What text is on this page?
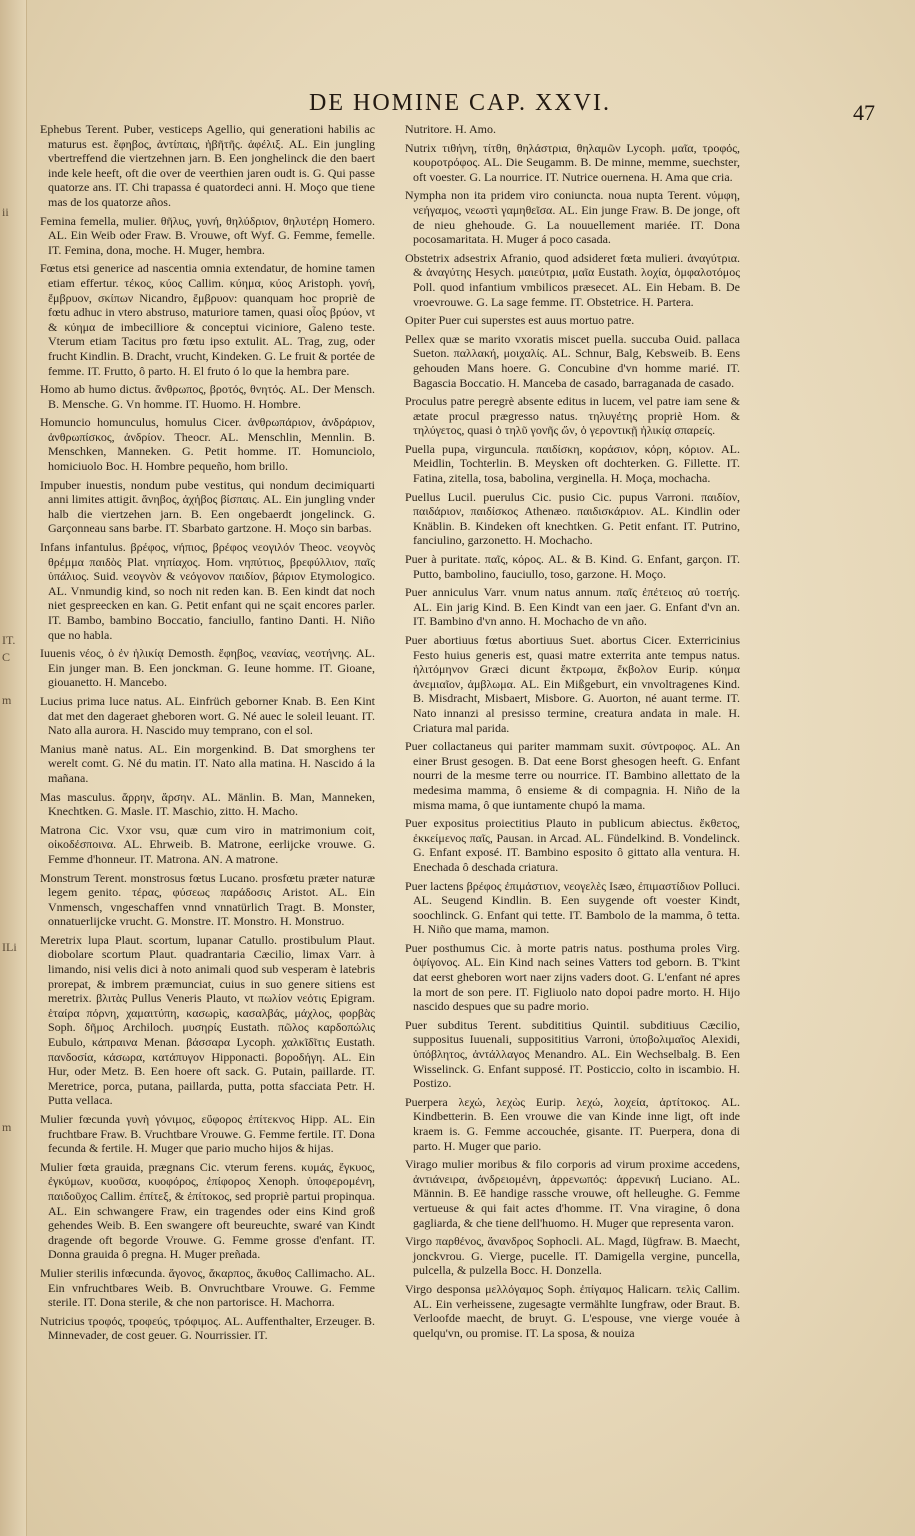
ii
IT.
C
m
ILi
m
DE HOMINE CAP. XXVI.	47

Ephebus Terent. Puber, vesticeps Agellio, qui generationi habilis ac maturus est. ἔφηβος, ἀντίπαις, ἡβῆτῆς. ἀφέλιξ. AL. Ein jungling vbertreffend die viertzehnen jarn. B. Een jonghelinck die den baert inde kele heeft, oft die over de veerthien jaren oudt is. G. Qui passe quatorze ans. IT. Chi trapassa é quatordeci anni. H. Moço que tiene mas de los quatorze años.

Femina femella, mulier. θῆλυς, γυνή, θηλύδριον, θηλυτέρη Homero. AL. Ein Weib oder Fraw. B. Vrouwe, oft Wyf. G. Femme, femelle. IT. Femina, dona, moche. H. Muger, hembra.

Fœtus etsi generice ad nascentia omnia extendatur, de homine tamen etiam effertur. τέκος, κύος Callim. κύημα, κύος Aristoph. γονή, ἔμβρυον, σκίπων Nicandro, ἔμβρυον: quanquam hoc propriè de fœtu adhuc in vtero abstruso, maturiore tamen, quasi οἷος βρύον, vt & κύημα de imbecilliore & conceptui viciniore, Galeno teste. Vterum etiam Tacitus pro fœtu ipso extulit. AL. Trag, zug, oder frucht Kindlin. B. Dracht, vrucht, Kindeken. G. Le fruit & portée de femme. IT. Frutto, ô parto. H. El fruto ó lo que la hembra pare.

Homo ab humo dictus. ἄνθρωπος, βροτός, θνητός. AL. Der Mensch. B. Mensche. G. Vn homme. IT. Huomo. H. Hombre.

Homuncio homunculus, homulus Cicer. ἀνθρωπάριον, ἀνδράριον, ἀνθρωπίσκος, ἀνδρίον. Theocr. AL. Menschlin, Mennlin. B. Menschken, Manneken. G. Petit homme. IT. Homunciolo, homiciuolo Boc. H. Hombre pequeño, hom brillo.

Impuber inuestis, nondum pube vestitus, qui nondum decimiquarti anni limites attigit. ἄνηβος, ἀχήβος βίσπαις. AL. Ein jungling vnder halb die viertzehen jarn. B. Een ongebaerdt jongelinck. G. Garçonneau sans barbe. IT. Sbarbato gartzone. H. Moço sin barbas.

Infans infantulus. βρέφος, νήπιος, βρέφος νεογιλόν Theoc. νεογνὸς θρέμμα παιδὸς Plat. νηπίαχος. Hom. νηπύτιος, βρεφύλλιον, παῖς ὑπάλιος. Suid. νεογνὸν & νεόγονον παιδίον, βάριον Etymologico. AL. Vnmundig kind, so noch nit reden kan. B. Een kindt dat noch niet gespreecken en kan. G. Petit enfant qui ne sçait encores parler. IT. Bambo, bambino Boccatio, fanciullo, fantino Danti. H. Niño que no habla.

Iuuenis νέος, ὁ ἐν ἡλικίᾳ Demosth. ἔφηβος, νεανίας, νεοτήνης. AL. Ein junger man. B. Een jonckman. G. Ieune homme. IT. Gioane, giouanetto. H. Mancebo.

Lucius prima luce natus. AL. Einfrüch geborner Knab. B. Een Kint dat met den dageraet gheboren wort. G. Né auec le soleil leuant. IT. Nato alla aurora. H. Nascido muy temprano, con el sol.

Manius manè natus. AL. Ein morgenkind. B. Dat smorghens ter werelt comt. G. Né du matin. IT. Nato alla matina. H. Nascido á la mañana.

Mas masculus. ἄρρην, ἄρσην. AL. Mänlin. B. Man, Manneken, Knechtken. G. Masle. IT. Maschio, zitto. H. Macho.

Matrona Cic. Vxor vsu, quæ cum viro in matrimonium coit, οἰκοδέσποινα. AL. Ehrweib. B. Matrone, eerlijcke vrouwe. G. Femme d'honneur. IT. Matrona. AN. A matrone.

Monstrum Terent. monstrosus fœtus Lucano. prosfœtu præter naturæ legem genito. τέρας, φύσεως παράδοσις Aristot. AL. Ein Vnmensch, vngeschaffen vnnd vnnatürlich Tragt. B. Monster, onnatuerlijcke vrucht. G. Monstre. IT. Monstro. H. Monstruo.

Meretrix lupa Plaut. scortum, lupanar Catullo. prostibulum Plaut. diobolare scortum Plaut. quadrantaria Cæcilio, limax Varr. à limando, nisi velis dici à noto animali quod sub vesperam è latebris prorepat, & imbrem præmunciat, cuius in suo genere sitiens est meretrix. βλιτὰς Pullus Veneris Plauto, vt πωλίον νεότις Epigram. ἑταίρα πόρνη, χαμαιτύπη, κασωρὶς, κασαλβάς, μάχλος, φορβὰς Soph. δῆμος Archiloch. μυσηρίς Eustath. πῶλος καρδοπώλις Eubulo, κάπραινα Menan. βάσσαρα Lycoph. χαλκῖδῖτις Eustath. πανδοσία, κάσωρα, κατάπυγον Hipponacti. βοροδήγη. AL. Ein Hur, oder Metz. B. Een hoere oft sack. G. Putain, paillarde. IT. Meretrice, porca, putana, paillarda, putta, potta sfacciata Petr. H. Putta vellaca.

Mulier fœcunda γυνὴ γόνιμος, εὔφορος ἐπίτεκνος Hipp. AL. Ein fruchtbare Fraw. B. Vruchtbare Vrouwe. G. Femme fertile. IT. Dona fecunda & fertile. H. Muger que pario mucho hijos & hijas.

Mulier fœta grauida, prægnans Cic. vterum ferens. κυμάς, ἔγκυος, ἐγκύμων, κυοῦσα, κυοφόρος, ἐπίφορος Xenoph. ὑποφερομένη, παιδοῦχος Callim. ἐπίτεξ, & ἐπίτοκος, sed propriè partui propinqua. AL. Ein schwangere Fraw, ein tragendes oder eins Kind groß gehendes Weib. B. Een swangere oft beureuchte, swaré van Kindt dragende oft begorde Vrouwe. G. Femme grosse d'enfant. IT. Donna grauida ô pregna. H. Muger preñada.

Mulier sterilis infœcunda. ἄγονος, ἄκαρπος, ἄκυθος Callimacho. AL. Ein vnfruchtbares Weib. B. Onvruchtbare Vrouwe. G. Femme sterile. IT. Dona sterile, & che non partorisce. H. Machorra.

Nutricius τροφός, τροφεύς, τρόφιμος. AL. Auffenthalter, Erzeuger. B. Minnevader, de cost geuer. G. Nourrissier. IT.

Nutritore. H. Amo.

Nutrix τιθήνη, τίτθη, θηλάστρια, θηλαμῶν Lycoph. μαῖα, τροφός, κουροτρόφος. AL. Die Seugamm. B. De minne, memme, suechster, oft voester. G. La nourrice. IT. Nutrice ouernena. H. Ama que cria.

Nympha non ita pridem viro coniuncta. noua nupta Terent. νύμφη, νεήγαμος, νεωστὶ γαμηθεῖσα. AL. Ein junge Fraw. B. De jonge, oft de nieu ghehoude. G. La nouuellement mariée. IT. Dona pocosamaritata. H. Muger á poco casada.

Obstetrix adsestrix Afranio, quod adsideret fœta mulieri. ἀναγύτρια. & ἀναγύτης Hesych. μαιεύτρια, μαῖα Eustath. λοχία, ὀμφαλοτόμος Poll. quod infantium vmbilicos præsecet. AL. Ein Hebam. B. De vroevrouwe. G. La sage femme. IT. Obstetrice. H. Partera.

Opiter Puer cui superstes est auus mortuo patre.

Pellex quæ se marito vxoratis miscet puella. succuba Ouid. pallaca Sueton. παλλακή, μοιχαλίς. AL. Schnur, Balg, Kebsweib. B. Eens gehouden Mans hoere. G. Concubine d'vn homme marié. IT. Bagascia Boccatio. H. Manceba de casado, barraganada de casado.

Proculus patre peregrè absente editus in lucem, vel patre iam sene & ætate procul prægresso natus. τηλυγέτης propriè Hom. & τηλύγετος, quasi ὁ τηλῦ γονῆς ὤν, ὁ γεροντικῇ ἡλικίᾳ σπαρείς.

Puella pupa, virguncula. παιδίσκη, κοράσιον, κόρη, κόριον. AL. Meidlin, Tochterlin. B. Meysken oft dochterken. G. Fillette. IT. Fatina, zitella, tosa, babolina, verginella. H. Moça, mochacha.

Puellus Lucil. puerulus Cic. pusio Cic. pupus Varroni. παιδίον, παιδάριον, παιδίσκος Athenæo. παιδισκάριον. AL. Kindlin oder Knäblin. B. Kindeken oft knechtken. G. Petit enfant. IT. Putrino, fanciulino, garzonetto. H. Mochacho.

Puer à puritate. παῖς, κόρος. AL. & B. Kind. G. Enfant, garçon. IT. Putto, bambolino, fauciullo, toso, garzone. H. Moço.

Puer anniculus Varr. vnum natus annum. παῖς ἐπέτειος αὐ τοετής. AL. Ein jarig Kind. B. Een Kindt van een jaer. G. Enfant d'vn an. IT. Bambino d'vn anno. H. Mochacho de vn año.

Puer abortiuus fœtus abortiuus Suet. abortus Cicer. Exterricinius Festo huius generis est, quasi matre exterrita ante tempus natus. ἠλιτόμηνον Græci dicunt ἔκτρωμα, ἔκβολον Eurip. κύημα ἀνεμιαῖον, ἀμβλωμα. AL. Ein Mißgeburt, ein vnvoltragenes Kind. B. Misdracht, Misbaert, Misbore. G. Auorton, né auant terme. IT. Nato innanzi al presisso termine, creatura andata in male. H. Criatura mal parida.

Puer collactaneus qui pariter mammam suxit. σύντροφος. AL. An einer Brust gesogen. B. Dat eene Borst ghesogen heeft. G. Enfant nourri de la mesme terre ou nourrice. IT. Bambino allettato de la medesima mamma, ô ensieme & di compagnia. H. Niño de la misma mama, ô que iuntamente chupó la mama.

Puer expositus proiectitius Plauto in publicum abiectus. ἔκθετος, ἐκκείμενος παῖς, Pausan. in Arcad. AL. Fündelkind. B. Vondelinck. G. Enfant exposé. IT. Bambino esposito ô gittato alla ventura. H. Enechada ô deschada criatura.

Puer lactens βρέφος ἐπιμάστιον, νεογελὲς Isæo, ἐπιμαστίδιον Polluci. AL. Seugend Kindlin. B. Een suygende oft voester Kindt, soochlinck. G. Enfant qui tette. IT. Bambolo de la mamma, ô tetta. H. Niño que mama, mamon.

Puer posthumus Cic. à morte patris natus. posthuma proles Virg. ὀψίγονος. AL. Ein Kind nach seines Vatters tod geborn. B. T'kint dat eerst gheboren wort naer zijns vaders doot. G. L'enfant né apres la mort de son pere. IT. Figliuolo nato dopoi padre morto. H. Hijo nascido despues que su padre morio.

Puer subditus Terent. subdititius Quintil. subditiuus Cæcilio, suppositus Iuuenali, supposititius Varroni, ὑποβολιμαῖος Alexidi, ὑπόβλητος, ἀντάλλαγος Menandro. AL. Ein Wechselbalg. B. Een Wisselinck. G. Enfant supposé. IT. Posticcio, colto in iscambio. H. Postizo.

Puerpera λεχώ, λεχὼς Eurip. λεχώ, λοχεία, ἀρτίτοκος. AL. Kindbetterin. B. Een vrouwe die van Kinde inne ligt, oft inde kraem is. G. Femme accouchée, gisante. IT. Puerpera, dona di parto. H. Muger que pario.

Virago mulier moribus & filo corporis ad virum proxime accedens, ἀντιάνειρα, ἀνδρειομένη, ἀρρενωπός: ἀρρενική Luciano. AL. Männin. B. Eē handige rassche vrouwe, oft helleughe. G. Femme vertueuse & qui fait actes d'homme. IT. Vna viragine, ô dona gagliarda, & che tiene dell'huomo. H. Muger que representa varon.

Virgo παρθένος, ἄνανδρος Sophocli. AL. Magd, Iügfraw. B. Maecht, jonckvrou. G. Vierge, pucelle. IT. Damigella vergine, puncella, pulcella, & pulzella Bocc. H. Donzella.

Virgo desponsa μελλόγαμος Soph. ἐπίγαμος Halicarn. τελὶς Callim. AL. Ein verheissene, zugesagte vermählte Iungfraw, oder Braut. B. Verloofde maecht, de bruyt. G. L'espouse, vne vierge vouée à quelqu'vn, ou promise. IT. La sposa, & nouiza
